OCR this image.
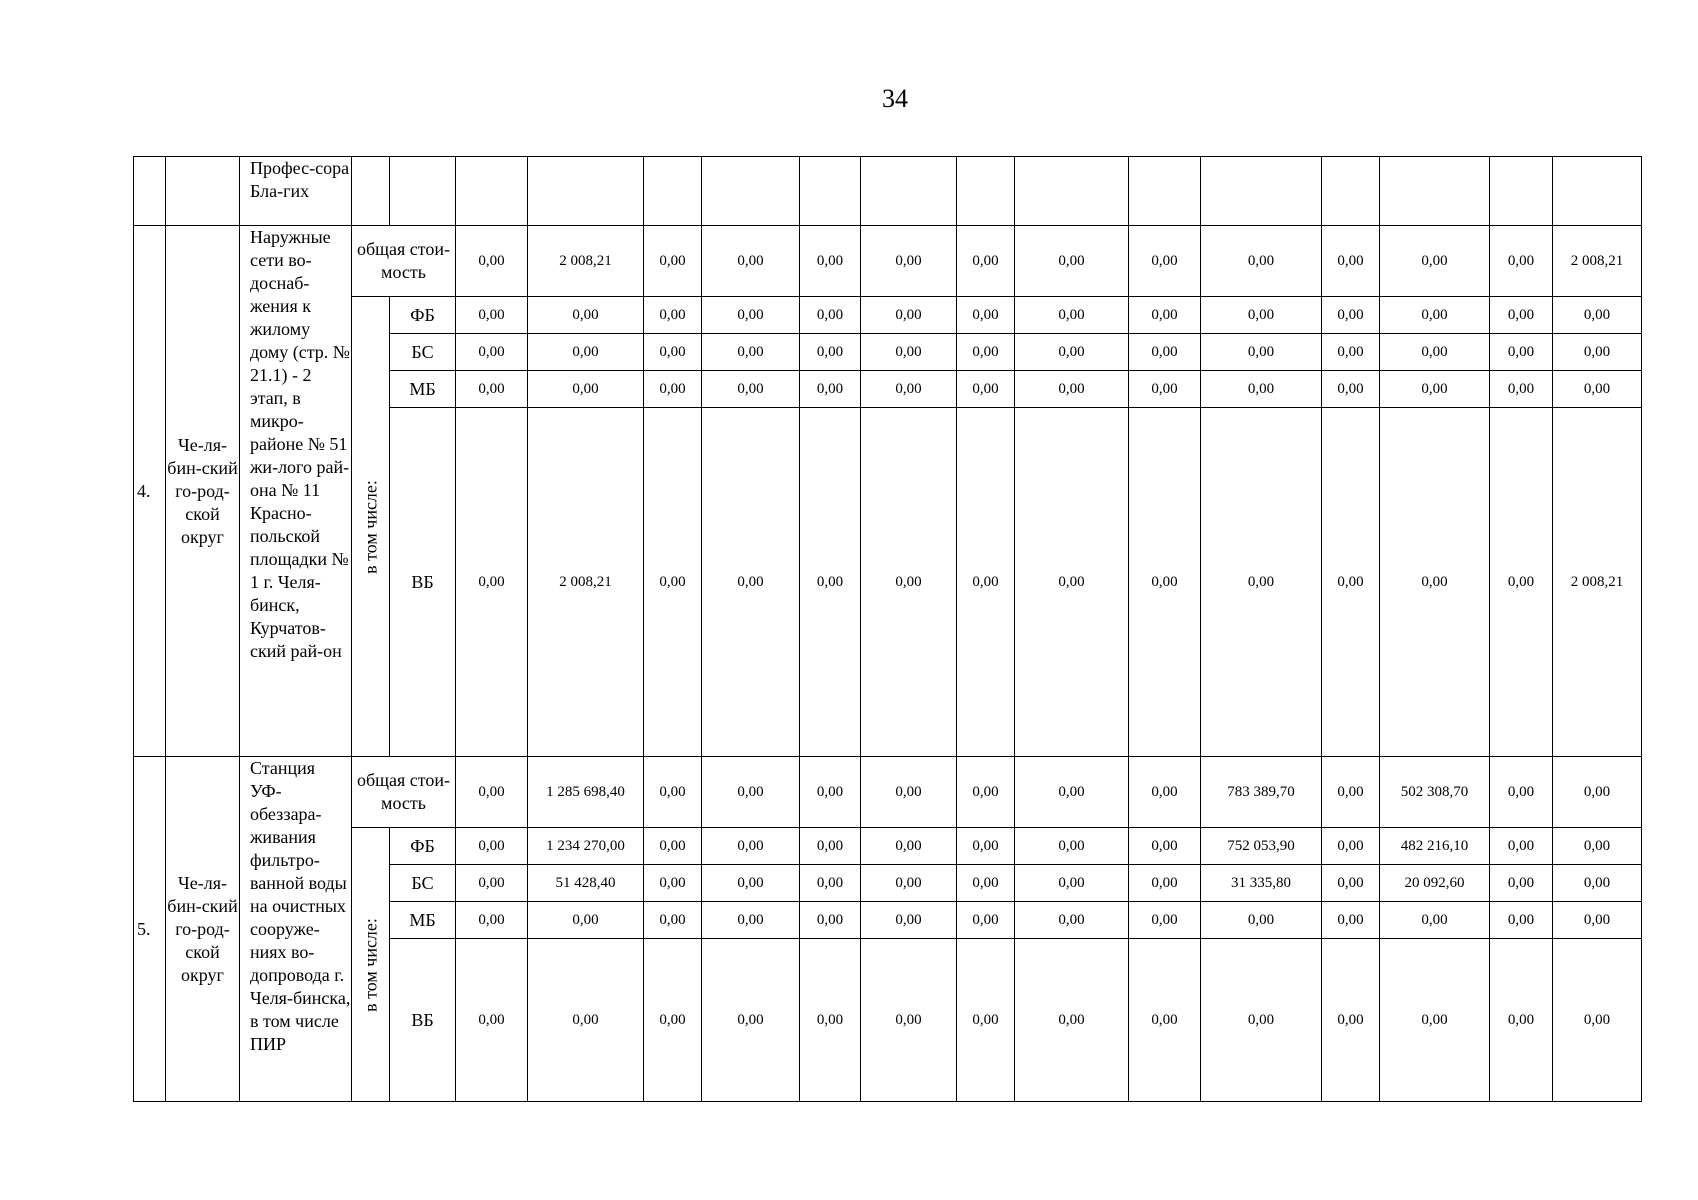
34
		Профес-сора Бла-гих																
4.	Че-ля-бин-ский го-род-ской округ	Наружные сети во-доснаб-жения к жилому дому (стр. № 21.1) - 2 этап, в микро-районе № 51 жи-лого рай-она № 11 Красно-польской площадки № 1 г. Челя-бинск, Курчатов-ский рай-он	общая стои-мость		0,00	2 008,21	0,00	0,00	0,00	0,00	0,00	0,00	0,00	0,00	0,00	0,00	0,00	2 008,21

			в том числе:	ФБ	0,00	0,00	0,00	0,00	0,00	0,00	0,00	0,00	0,00	0,00	0,00	0,00	0,00	0,00
				БС	0,00	0,00	0,00	0,00	0,00	0,00	0,00	0,00	0,00	0,00	0,00	0,00	0,00	0,00
				МБ	0,00	0,00	0,00	0,00	0,00	0,00	0,00	0,00	0,00	0,00	0,00	0,00	0,00	0,00
				ВБ	0,00	2 008,21	0,00	0,00	0,00	0,00	0,00	0,00	0,00	0,00	0,00	0,00	0,00	2 008,21
5.	Че-ля-бин-ский го-род-ской округ	Станция УФ-обеззара-живания фильтро-ванной воды на очистных сооруже-ниях во-допровода г. Челя-бинска, в том числе ПИР	общая стои-мость		0,00	1 285 698,40	0,00	0,00	0,00	0,00	0,00	0,00	0,00	783 389,70	0,00	502 308,70	0,00	0,00

			в том числе:	ФБ	0,00	1 234 270,00	0,00	0,00	0,00	0,00	0,00	0,00	0,00	752 053,90	0,00	482 216,10	0,00	0,00
				БС	0,00	51 428,40	0,00	0,00	0,00	0,00	0,00	0,00	0,00	31 335,80	0,00	20 092,60	0,00	0,00
				МБ	0,00	0,00	0,00	0,00	0,00	0,00	0,00	0,00	0,00	0,00	0,00	0,00	0,00	0,00
				ВБ	0,00	0,00	0,00	0,00	0,00	0,00	0,00	0,00	0,00	0,00	0,00	0,00	0,00	0,00
